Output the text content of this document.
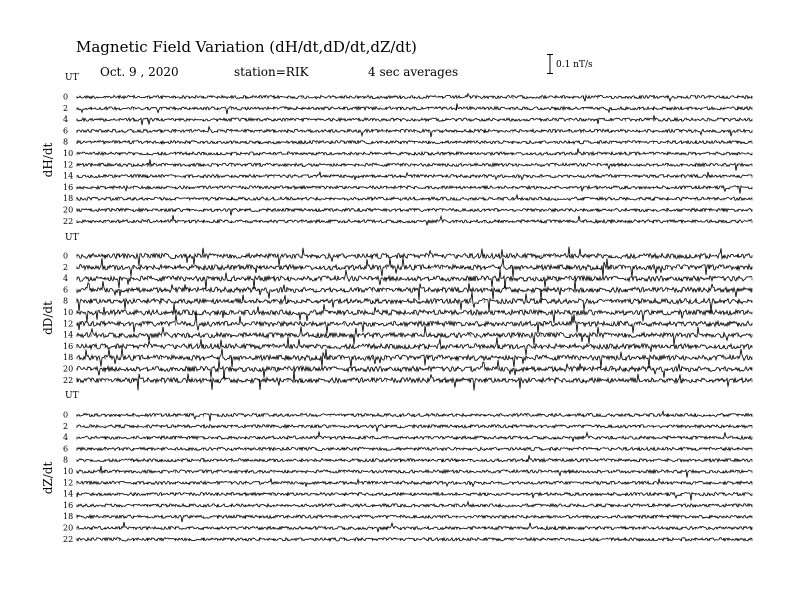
Magnetic Field Variation (dH/dt,dD/dt,dZ/dt)
Oct. 9 , 2020	station=RIK	4 sec averages	0.1 nT/s
UT
dH/dt
0
2
4
6
8
10
12
14
16
18
20
22
UT
dD/dt
0
2
4
6
8
10
12
14
16
18
20
22
UT
dZ/dt
0
2
4
6
8
10
12
14
16
18
20
22
